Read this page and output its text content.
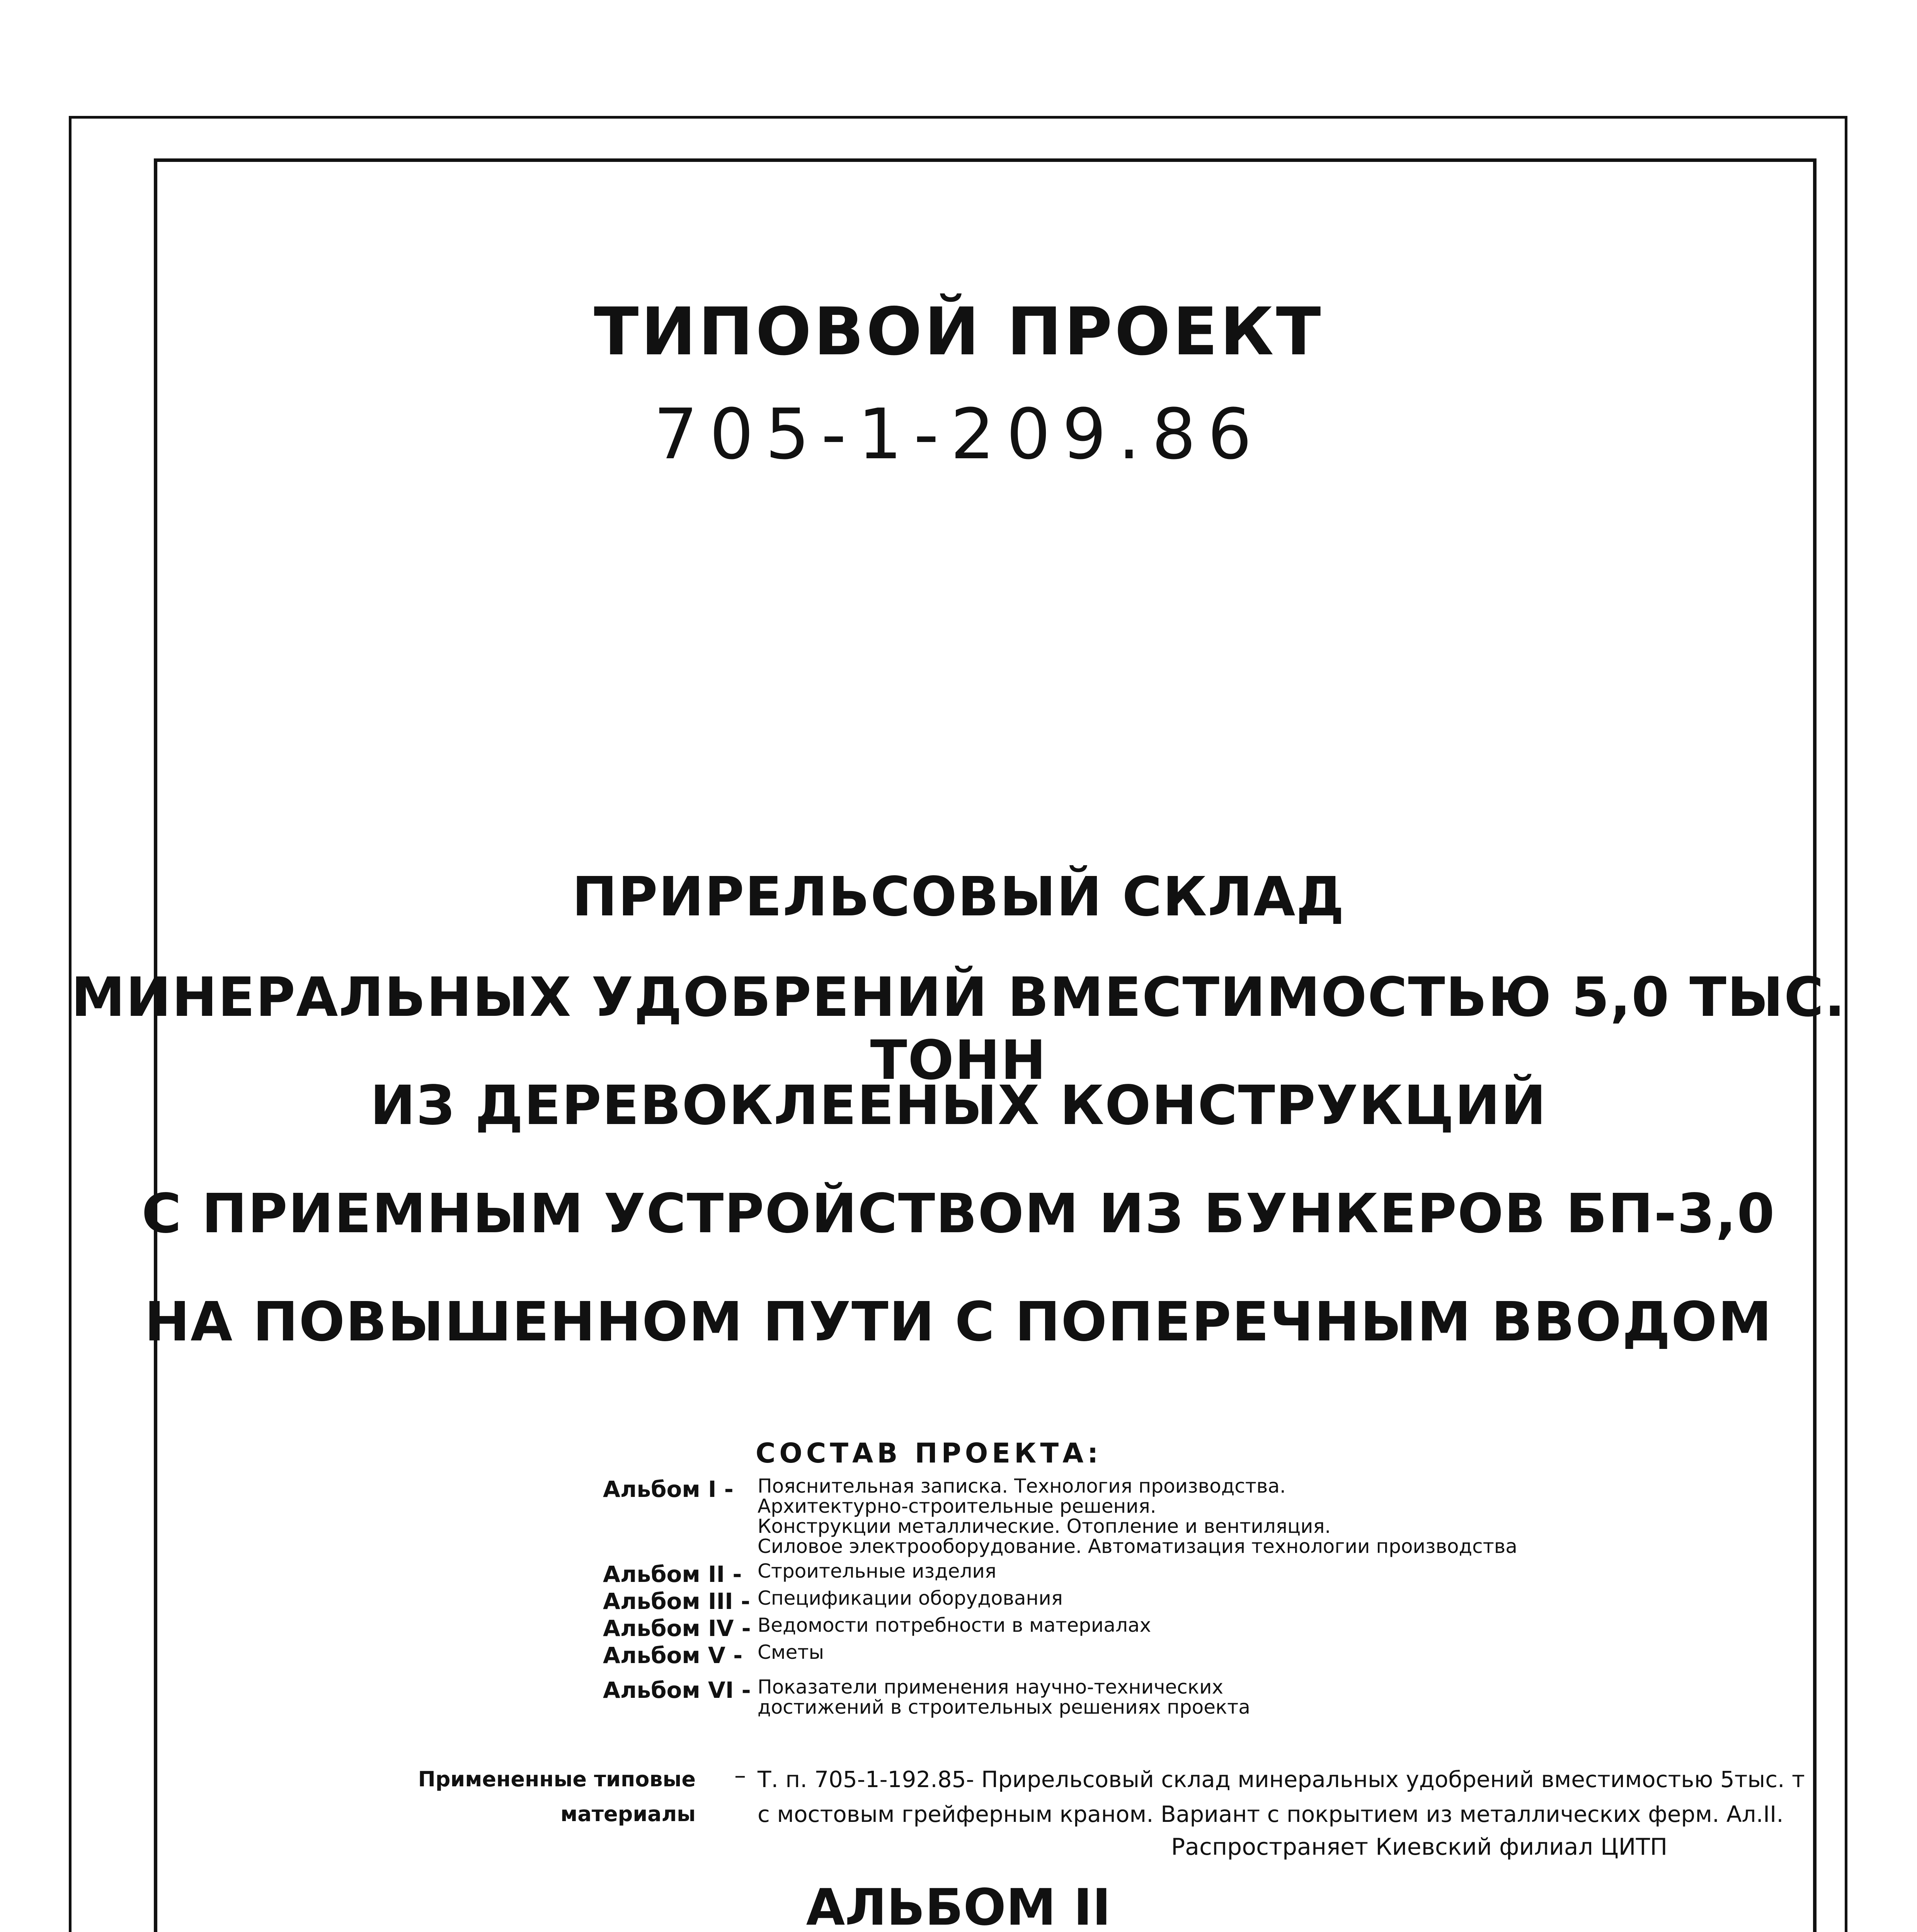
ТИПОВОЙ ПРОЕКТ
705-1-209.86
ПРИРЕЛЬСОВЫЙ СКЛАД
МИНЕРАЛЬНЫХ УДОБРЕНИЙ ВМЕСТИМОСТЬЮ 5,0 ТЫС. ТОНН
ИЗ ДЕРЕВОКЛЕЕНЫХ КОНСТРУКЦИЙ
С ПРИЕМНЫМ УСТРОЙСТВОМ ИЗ БУНКЕРОВ БП-3,0
НА ПОВЫШЕННОМ ПУТИ С ПОПЕРЕЧНЫМ ВВОДОМ
СОСТАВ ПРОЕКТА:
Альбом I -	Пояснительная записка. Технология производства.
Архитектурно-строительные решения.
Конструкции металлические. Отопление и вентиляция.
Силовое электрооборудование. Автоматизация технологии производства
Альбом II - Строительные изделия
Альбом III - Спецификации оборудования
Альбом IV - Ведомости потребности в материалах
Альбом V - Сметы
Альбом VI - Показатели применения научно-технических
достижений в строительных решениях проекта
Примененные типовые
материалы
– Т. п. 705-1-192.85- Прирельсовый склад минеральных удобрений вместимостью 5тыс. т
с мостовым грейферным краном. Вариант с покрытием из металлических ферм. Ал.II.
Распространяет Киевский филиал ЦИТП
АЛЬБОМ II
